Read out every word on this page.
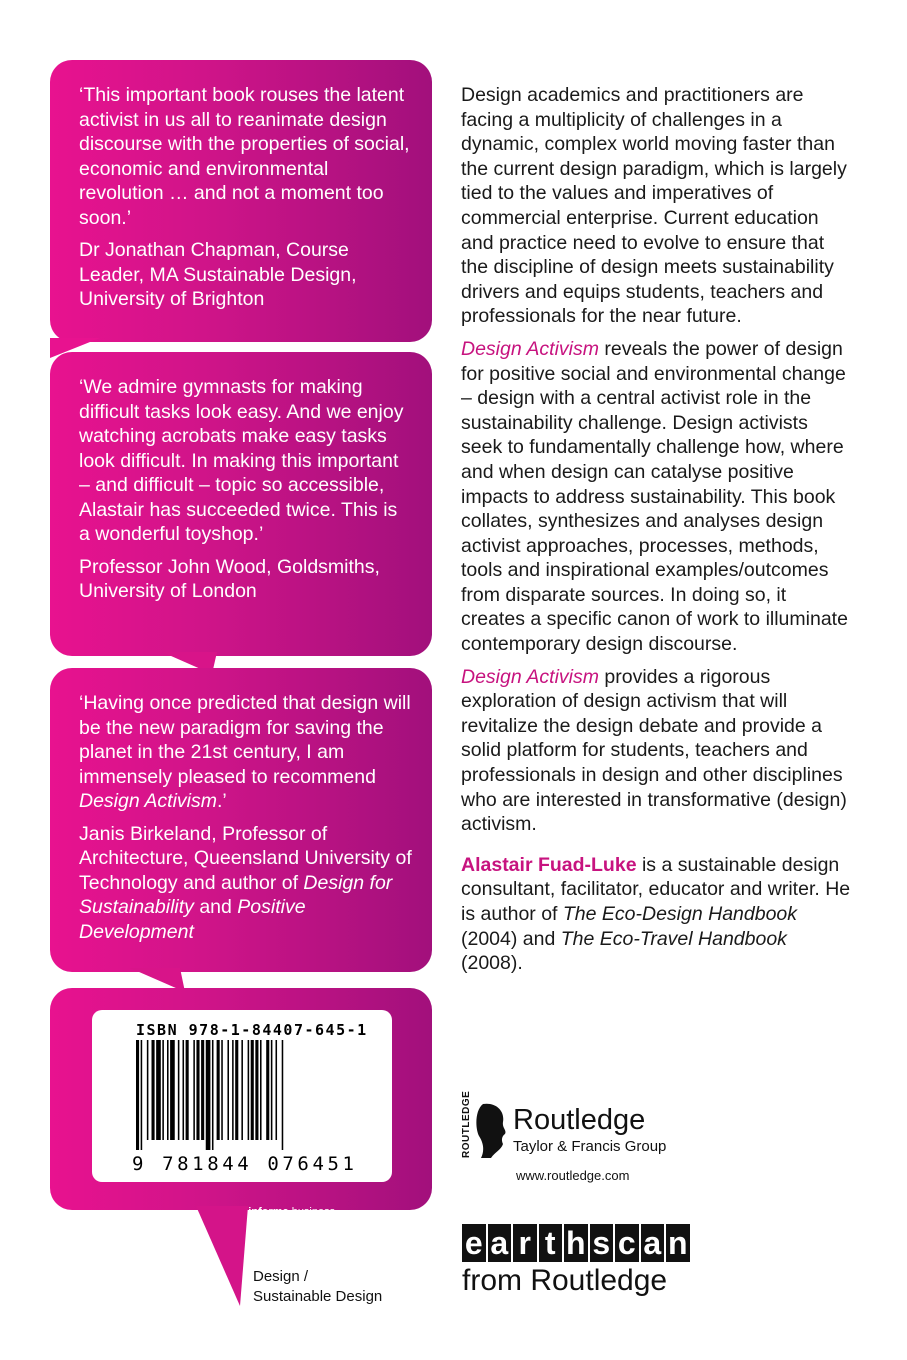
‘This important book rouses the latent activist in us all to reanimate design discourse with the properties of social, economic and environmental revolution … and not a moment too soon.’

Dr Jonathan Chapman, Course Leader, MA Sustainable Design, University of Brighton

‘We admire gymnasts for making difficult tasks look easy. And we enjoy watching acrobats make easy tasks look difficult. In making this important – and difficult – topic so accessible, Alastair has succeeded twice. This is a wonderful toyshop.’

Professor John Wood, Goldsmiths, University of London

‘Having once predicted that design will be the new paradigm for saving the planet in the 21st century, I am immensely pleased to recommend Design Activism.’

Janis Birkeland, Professor of Architecture, Queensland University of Technology and author of Design for Sustainability and Positive Development

ISBN 978-1-84407-645-1
9 781844 076451
informa business
Design /
Sustainable Design

Design academics and practitioners are facing a multiplicity of challenges in a dynamic, complex world moving faster than the current design paradigm, which is largely tied to the values and imperatives of commercial enterprise. Current education and practice need to evolve to ensure that the discipline of design meets sustainability drivers and equips students, teachers and professionals for the near future.

Design Activism reveals the power of design for positive social and environmental change – design with a central activist role in the sustainability challenge. Design activists seek to fundamentally challenge how, where and when design can catalyse positive impacts to address sustainability. This book collates, synthesizes and analyses design activist approaches, processes, methods, tools and inspirational examples/outcomes from disparate sources. In doing so, it creates a specific canon of work to illuminate contemporary design discourse.

Design Activism provides a rigorous exploration of design activism that will revitalize the design debate and provide a solid platform for students, teachers and professionals in design and other disciplines who are interested in transformative (design) activism.

Alastair Fuad-Luke is a sustainable design consultant, facilitator, educator and writer. He is author of The Eco-Design Handbook (2004) and The Eco-Travel Handbook (2008).

ROUTLEDGE Routledge
Taylor & Francis Group
www.routledge.com
e a r t h s c a n
from Routledge
